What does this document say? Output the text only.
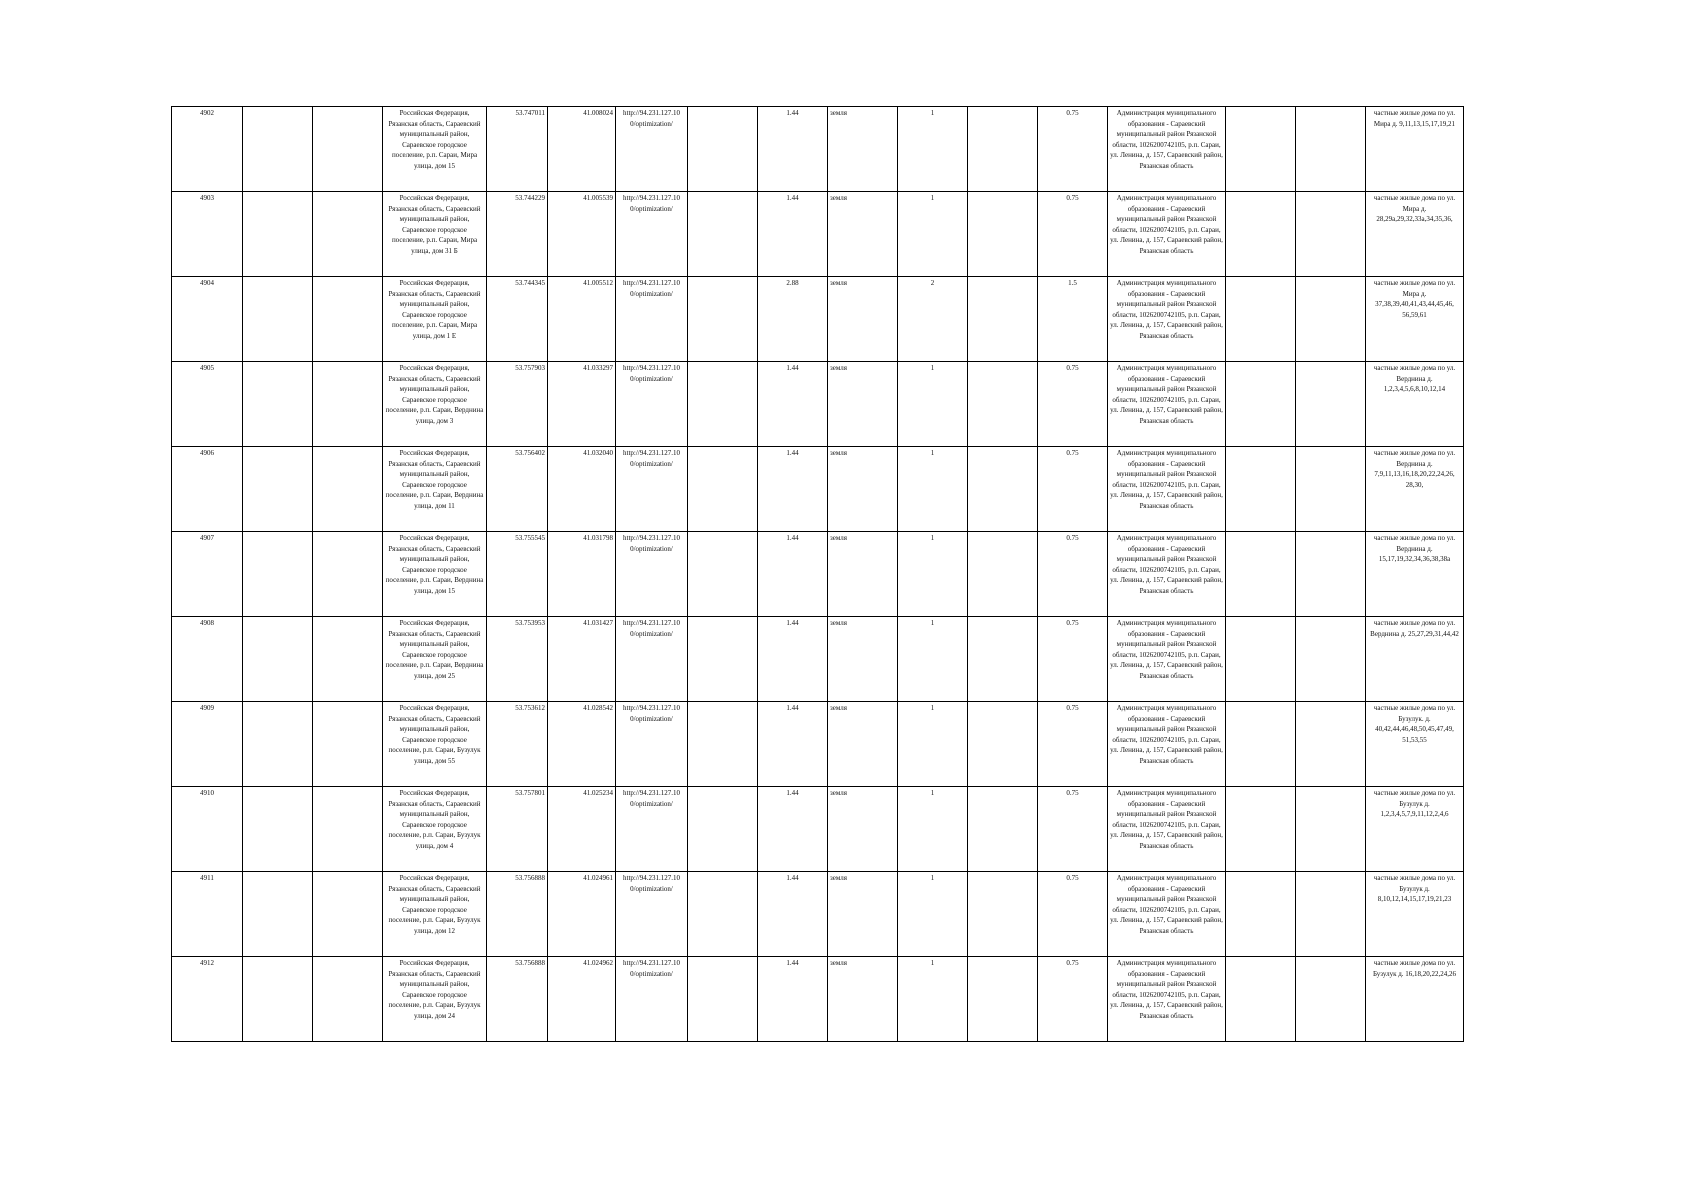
4902			Российская Федерация, Рязанская область, Сараевский муниципальный район, Сараевское городское поселение, р.п. Сараи, Мира улица, дом 15	53.747011	41.008024	http://94.231.127.10 0/optimization/		1.44	земля	1		0.75	Администрация муниципального образования - Сараевский муниципальный район Рязанской области, 1026200742105, р.п. Сараи, ул. Ленина, д. 157, Сараевский район, Рязанская область			частные жилые дома по ул. Мира д. 9,11,13,15,17,19,21
4903			Российская Федерация, Рязанская область, Сараевский муниципальный район, Сараевское городское поселение, р.п. Сараи, Мира улица, дом 31 Б	53.744229	41.005539	http://94.231.127.10 0/optimization/		1.44	земля	1		0.75	Администрация муниципального образования - Сараевский муниципальный район Рязанской области, 1026200742105, р.п. Сараи, ул. Ленина, д. 157, Сараевский район, Рязанская область			частные жилые дома по ул. Мира д. 28,29а,29,32,33а,34,35,36,
4904			Российская Федерация, Рязанская область, Сараевский муниципальный район, Сараевское городское поселение, р.п. Сараи, Мира улица, дом 1 Е	53.744345	41.005512	http://94.231.127.10 0/optimization/		2.88	земля	2		1.5	Администрация муниципального образования - Сараевский муниципальный район Рязанской области, 1026200742105, р.п. Сараи, ул. Ленина, д. 157, Сараевский район, Рязанская область			частные жилые дома по ул. Мира д. 37,38,39,40,41,43,44,45,46, 56,59,61
4905			Российская Федерация, Рязанская область, Сараевский муниципальный район, Сараевское городское поселение, р.п. Сараи, Верднина улица, дом 3	53.757903	41.033297	http://94.231.127.10 0/optimization/		1.44	земля	1		0.75	Администрация муниципального образования - Сараевский муниципальный район Рязанской области, 1026200742105, р.п. Сараи, ул. Ленина, д. 157, Сараевский район, Рязанская область			частные жилые дома по ул. Верднина д. 1,2,3,4,5,6,8,10,12,14
4906			Российская Федерация, Рязанская область, Сараевский муниципальный район, Сараевское городское поселение, р.п. Сараи, Верднина улица, дом 11	53.756402	41.032040	http://94.231.127.10 0/optimization/		1.44	земля	1		0.75	Администрация муниципального образования - Сараевский муниципальный район Рязанской области, 1026200742105, р.п. Сараи, ул. Ленина, д. 157, Сараевский район, Рязанская область			частные жилые дома по ул. Верднина д. 7,9,11,13,16,18,20,22,24,26, 28,30,
4907			Российская Федерация, Рязанская область, Сараевский муниципальный район, Сараевское городское поселение, р.п. Сараи, Верднина улица, дом 15	53.755545	41.031798	http://94.231.127.10 0/optimization/		1.44	земля	1		0.75	Администрация муниципального образования - Сараевский муниципальный район Рязанской области, 1026200742105, р.п. Сараи, ул. Ленина, д. 157, Сараевский район, Рязанская область			частные жилые дома по ул. Верднина д. 15,17,19,32,34,36,38,38а
4908			Российская Федерация, Рязанская область, Сараевский муниципальный район, Сараевское городское поселение, р.п. Сараи, Верднина улица, дом 25	53.753953	41.031427	http://94.231.127.10 0/optimization/		1.44	земля	1		0.75	Администрация муниципального образования - Сараевский муниципальный район Рязанской области, 1026200742105, р.п. Сараи, ул. Ленина, д. 157, Сараевский район, Рязанская область			частные жилые дома по ул. Верднина д. 25,27,29,31,44,42
4909			Российская Федерация, Рязанская область, Сараевский муниципальный район, Сараевское городское поселение, р.п. Сараи, Бузулук улица, дом 55	53.753612	41.028542	http://94.231.127.10 0/optimization/		1.44	земля	1		0.75	Администрация муниципального образования - Сараевский муниципальный район Рязанской области, 1026200742105, р.п. Сараи, ул. Ленина, д. 157, Сараевский район, Рязанская область			частные жилые дома по ул. Бузулук. д. 40,42,44,46,48,50,45,47,49, 51,53,55
4910			Российская Федерация, Рязанская область, Сараевский муниципальный район, Сараевское городское поселение, р.п. Сараи, Бузулук улица, дом 4	53.757801	41.025234	http://94.231.127.10 0/optimization/		1.44	земля	1		0.75	Администрация муниципального образования - Сараевский муниципальный район Рязанской области, 1026200742105, р.п. Сараи, ул. Ленина, д. 157, Сараевский район, Рязанская область			частные жилые дома по ул. Бузулук д. 1,2,3,4,5,7,9,11,12,2,4,6
4911			Российская Федерация, Рязанская область, Сараевский муниципальный район, Сараевское городское поселение, р.п. Сараи, Бузулук улица, дом 12	53.756888	41.024961	http://94.231.127.10 0/optimization/		1.44	земля	1		0.75	Администрация муниципального образования - Сараевский муниципальный район Рязанской области, 1026200742105, р.п. Сараи, ул. Ленина, д. 157, Сараевский район, Рязанская область			частные жилые дома по ул. Бузулук д. 8,10,12,14,15,17,19,21,23
4912			Российская Федерация, Рязанская область, Сараевский муниципальный район, Сараевское городское поселение, р.п. Сараи, Бузулук улица, дом 24	53.756888	41.024962	http://94.231.127.10 0/optimization/		1.44	земля	1		0.75	Администрация муниципального образования - Сараевский муниципальный район Рязанской области, 1026200742105, р.п. Сараи, ул. Ленина, д. 157, Сараевский район, Рязанская область			частные жилые дома по ул. Бузулук д. 16,18,20,22,24,26
